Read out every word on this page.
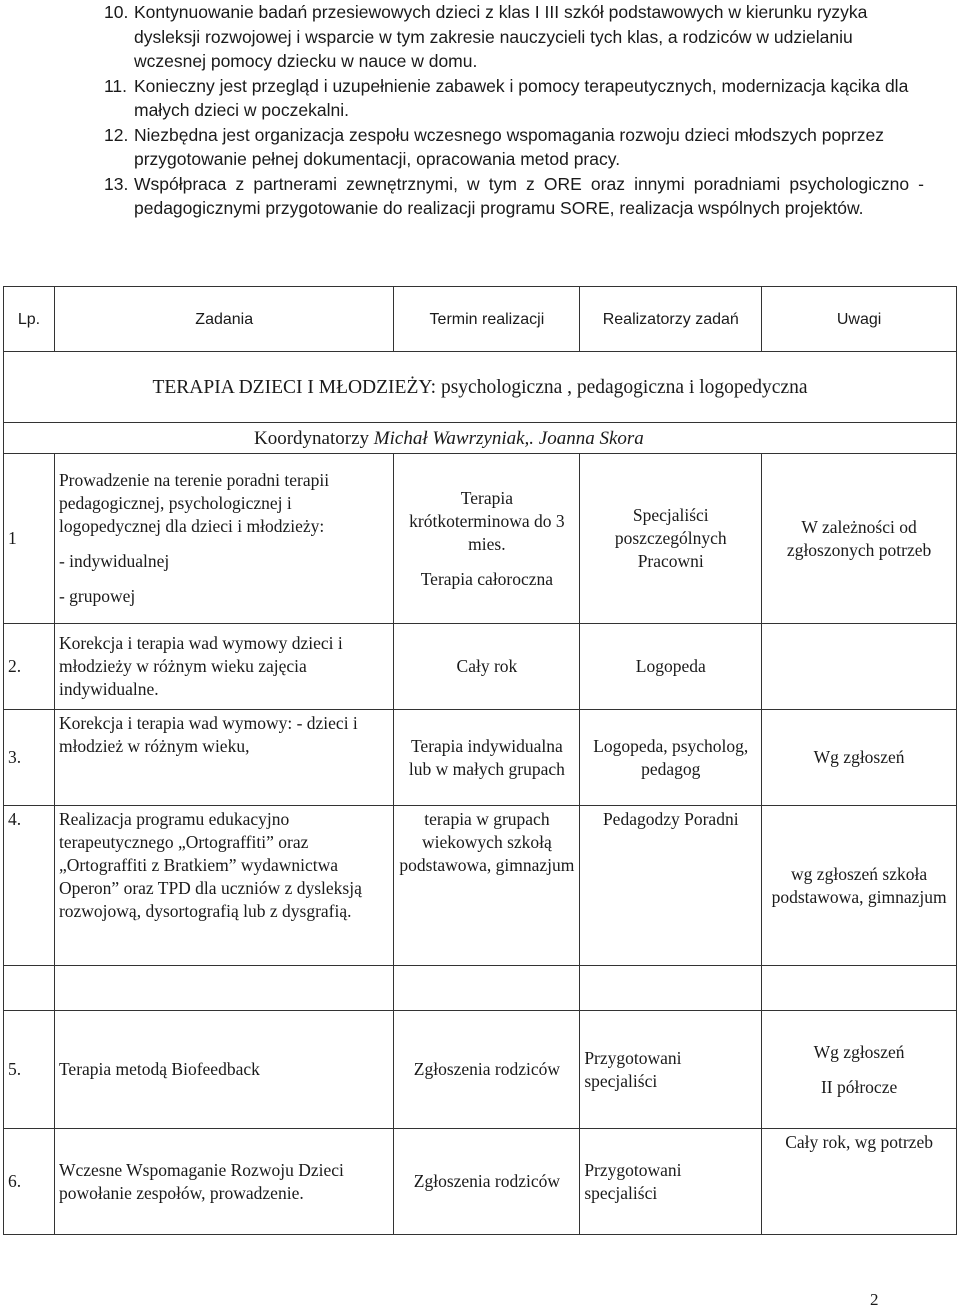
10. Kontynuowanie badań przesiewowych dzieci z klas I III szkół podstawowych w kierunku ryzyka dysleksji rozwojowej i wsparcie w tym zakresie nauczycieli tych klas, a rodziców w udzielaniu wczesnej pomocy dziecku w nauce w domu.

11. Konieczny jest przegląd i uzupełnienie zabawek i pomocy terapeutycznych, modernizacja kącika dla małych dzieci w poczekalni.

12. Niezbędna jest organizacja zespołu wczesnego wspomagania rozwoju dzieci młodszych poprzez przygotowanie pełnej dokumentacji, opracowania metod pracy.

13. Współpraca z partnerami zewnętrznymi, w tym z ORE oraz innymi poradniami psychologiczno - pedagogicznymi przygotowanie do realizacji programu SORE, realizacja wspólnych projektów.

Lp.	Zadania	Termin realizacji	Realizatorzy zadań	Uwagi
TERAPIA DZIECI I MŁODZIEŻY: psychologiczna , pedagogiczna i logopedyczna				
Koordynatorzy Michał Wawrzyniak,. Joanna Skora				
1	Prowadzenie na terenie poradni terapii pedagogicznej, psychologicznej i logopedycznej dla dzieci i młodzieży:
- indywidualnej
- grupowej	Terapia krótkoterminowa do 3 mies.
Terapia całoroczna	Specjaliści poszczególnych Pracowni	W zależności od zgłoszonych potrzeb
2.	Korekcja i terapia wad wymowy dzieci i młodzieży w różnym wieku zajęcia indywidualne.	Cały rok	Logopeda	
3.	Korekcja i terapia wad wymowy: - dzieci i młodzież w różnym wieku,	Terapia indywidualna lub w małych grupach	Logopeda, psycholog, pedagog	Wg zgłoszeń
4.	Realizacja programu edukacyjno terapeutycznego „Ortograffiti” oraz „Ortograffiti z Bratkiem” wydawnictwa Operon” oraz TPD dla uczniów z dysleksją rozwojową, dysortografią lub z dysgrafią.	terapia w grupach wiekowych szkołą podstawowa, gimnazjum	Pedagodzy Poradni	wg zgłoszeń szkoła podstawowa, gimnazjum

5.	Terapia metodą Biofeedback	Zgłoszenia rodziców	Przygotowani specjaliści	Wg zgłoszeń
II półrocze

6.	Wczesne Wspomaganie Rozwoju Dzieci powołanie zespołów, prowadzenie.	Zgłoszenia rodziców	Przygotowani specjaliści	Cały rok, wg potrzeb
2
